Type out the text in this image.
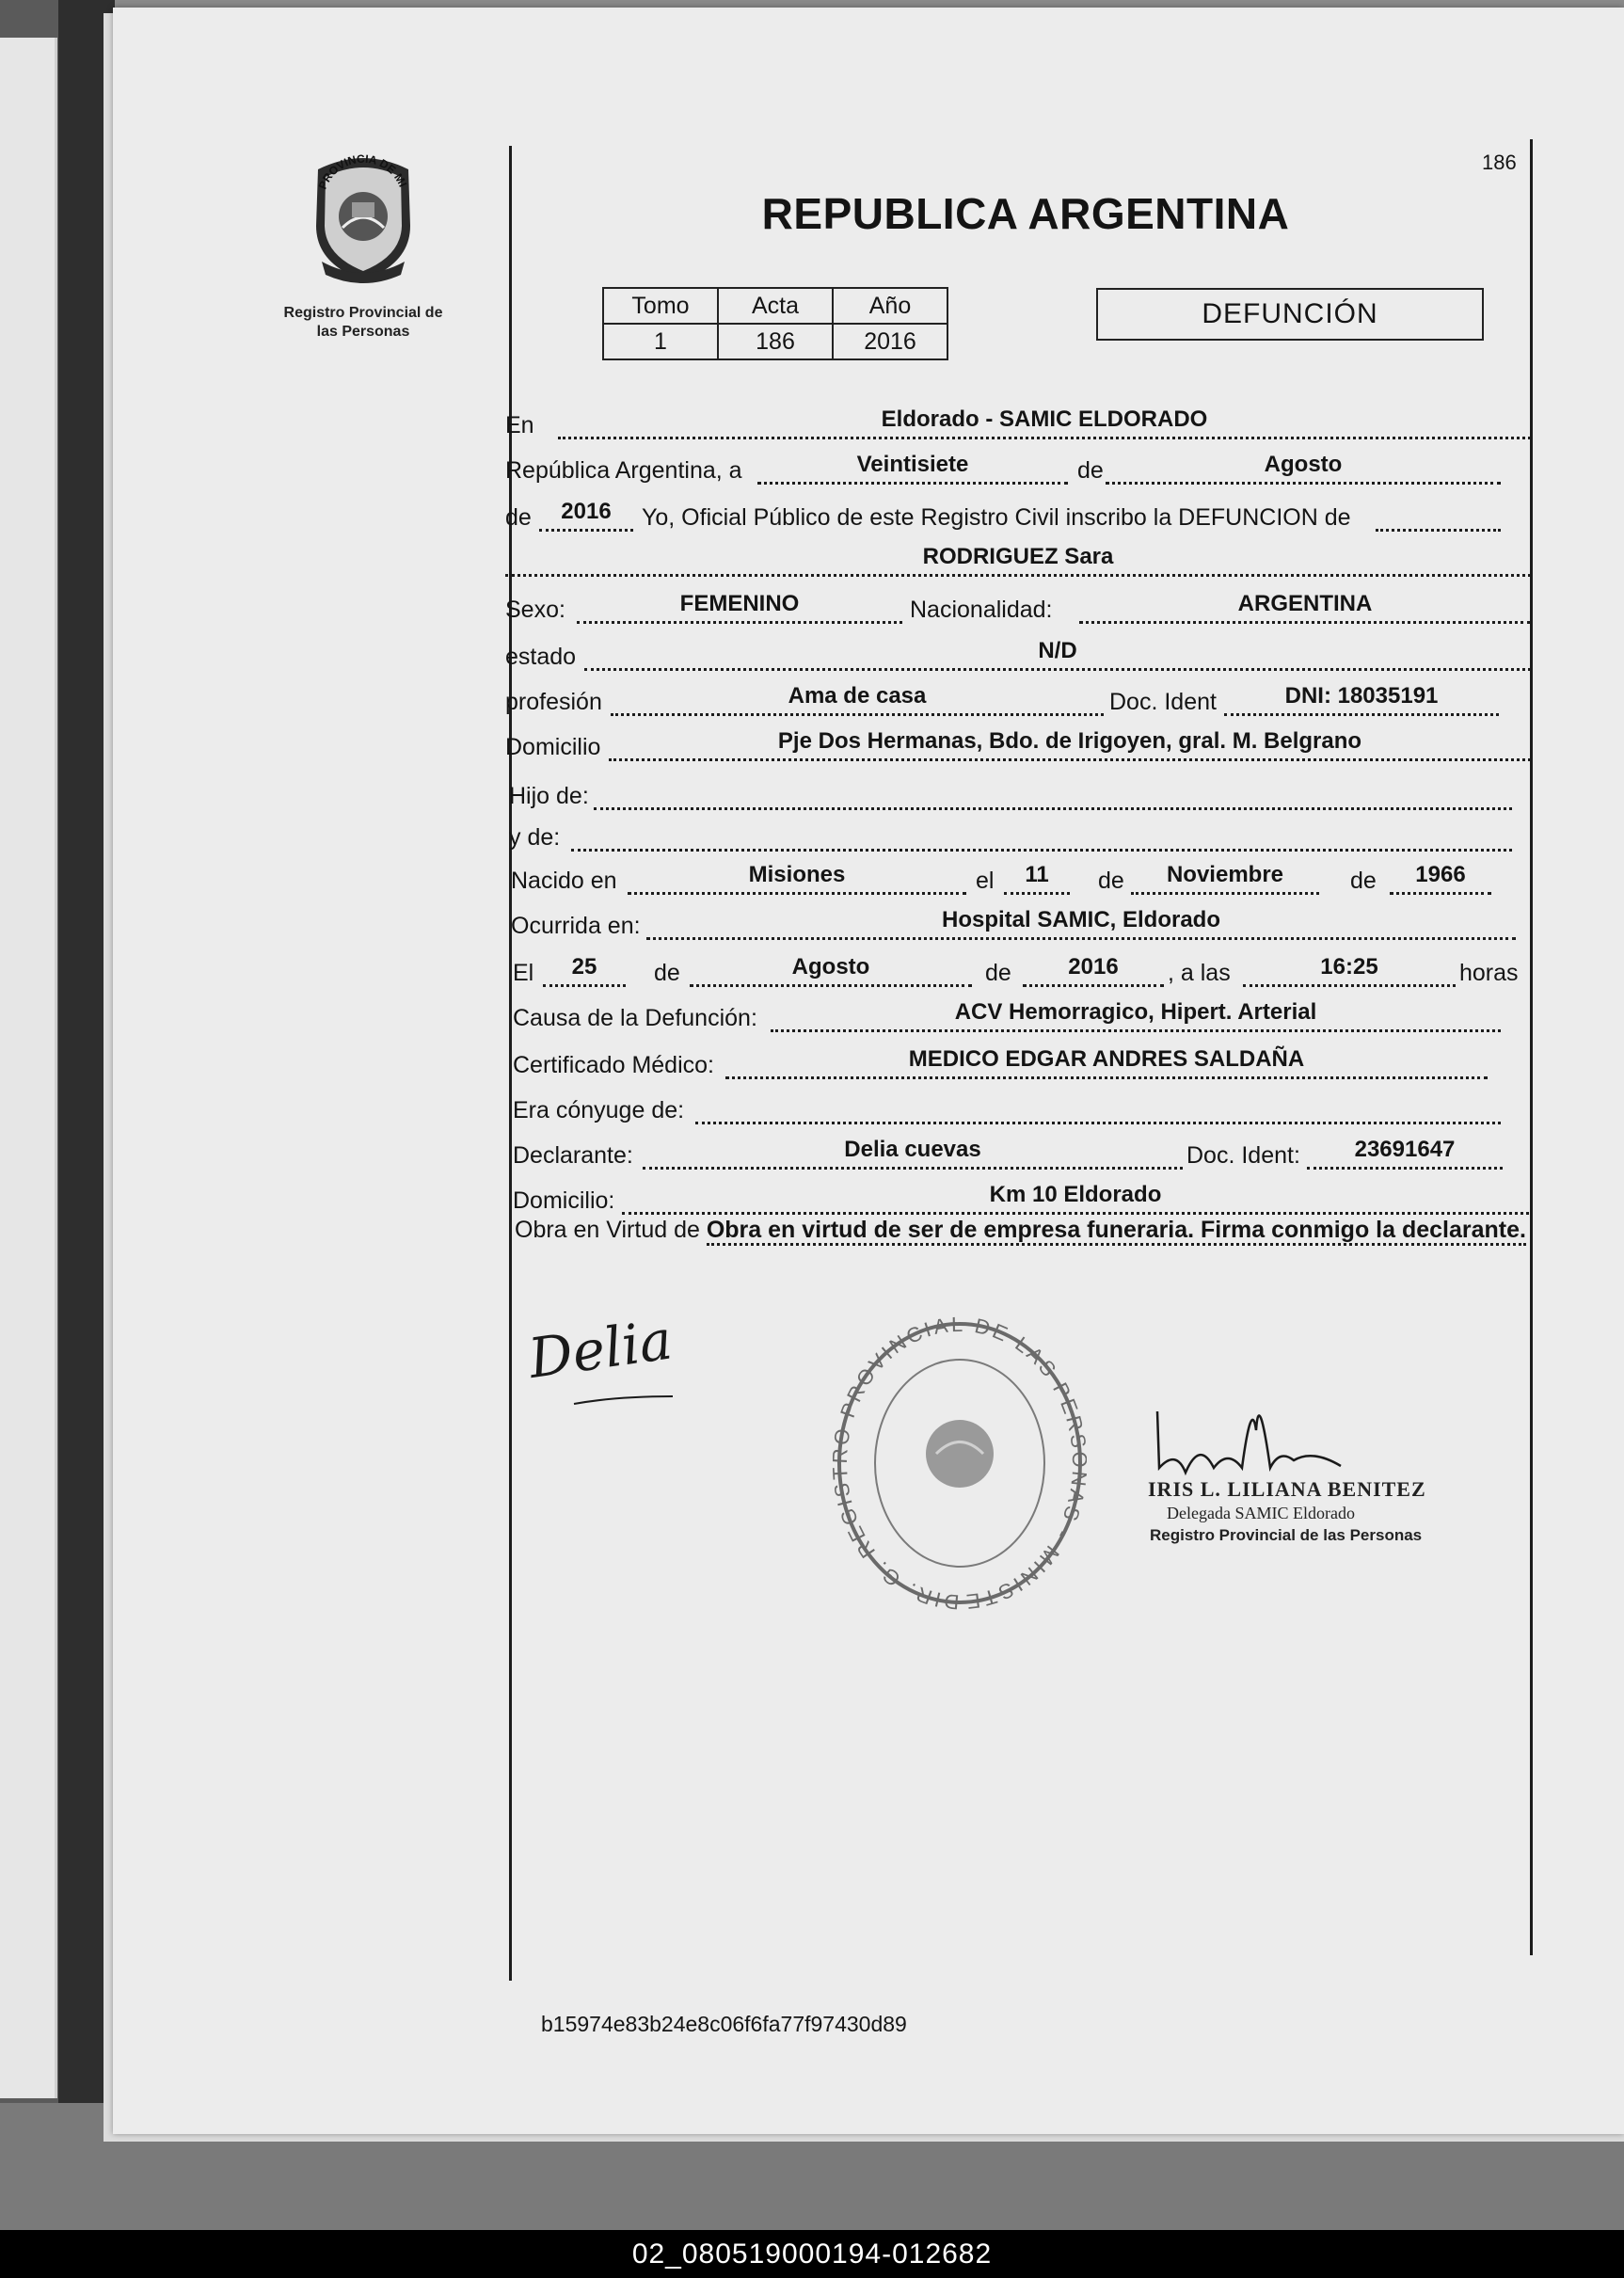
PROVINCIA DE MI
Registro Provincial de
las Personas
186
REPUBLICA ARGENTINA
Tomo	Acta	Año
1	186	2016
DEFUNCIÓN
En	Eldorado - SAMIC ELDORADO
República Argentina, a	Veintisiete	de	Agosto
de	2016	Yo, Oficial Público de este Registro Civil inscribo la DEFUNCION de
RODRIGUEZ Sara
Sexo:	FEMENINO	Nacionalidad:	ARGENTINA
estado	N/D
profesión	Ama de casa	Doc. Ident	DNI: 18035191
Domicilio	Pje Dos Hermanas, Bdo. de Irigoyen, gral. M. Belgrano
Hijo de:
y de:
Nacido en	Misiones	el	11	de	Noviembre	de	1966
Ocurrida en:	Hospital SAMIC, Eldorado
El	25	de	Agosto	de	2016	, a las	16:25	horas
Causa de la Defunción:	ACV Hemorragico, Hipert. Arterial
Certificado Médico:	MEDICO EDGAR ANDRES SALDAÑA
Era cónyuge de:
Declarante:	Delia cuevas	Doc. Ident:	23691647
Domicilio:	Km 10 Eldorado
Obra en Virtud de Obra en virtud de ser de empresa funeraria. Firma conmigo la declarante.
Delia
DIR. G. REGI PROVINCIAL DE LAS PER AS - MINISTE
IRIS L. LILIANA BENITEZ
Delegada SAMIC Eldorado
Registro Provincial de las Personas
b15974e83b24e8c06f6fa77f97430d89
02_080519000194-012682
